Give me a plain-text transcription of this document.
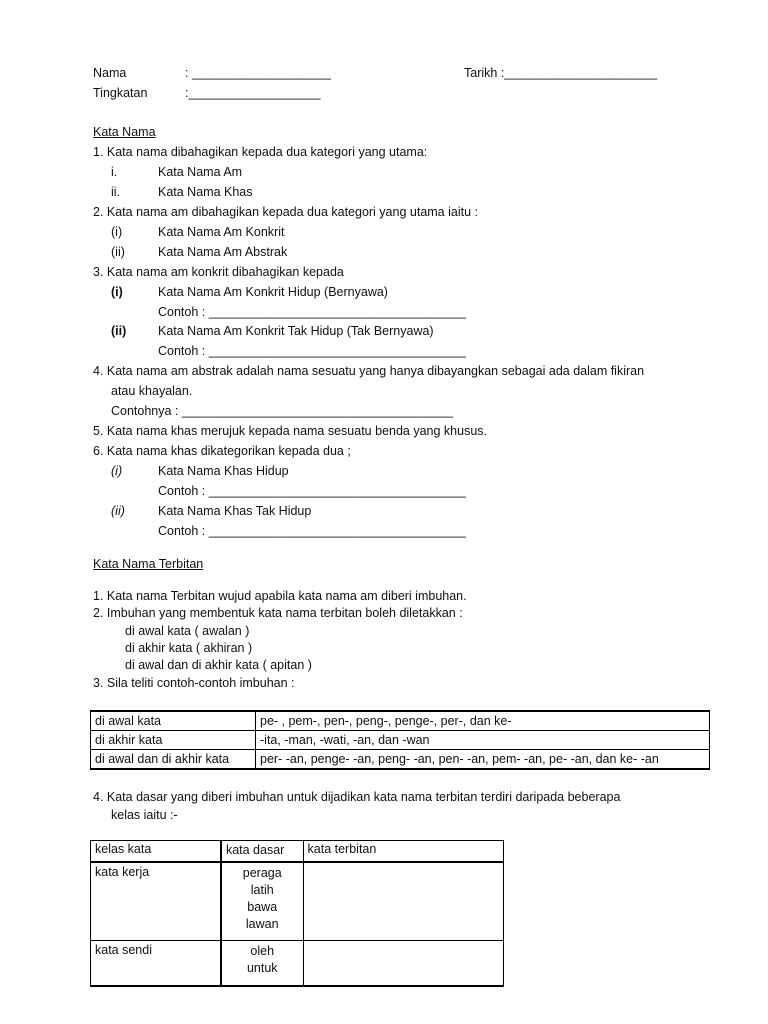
Nama	: ____________________	Tarikh :______________________
Tingkatan	:___________________
Kata Nama
1. Kata nama dibahagikan kepada dua kategori yang utama:
i.	Kata Nama Am
ii.	Kata Nama Khas
2. Kata nama am dibahagikan kepada dua kategori yang utama iaitu :
(i)	Kata Nama Am Konkrit
(ii)	Kata Nama Am Abstrak
3. Kata nama am konkrit dibahagikan kepada
(i)	Kata Nama Am Konkrit Hidup (Bernyawa)
Contoh : _____________________________________
(ii)	Kata Nama Am Konkrit Tak Hidup (Tak Bernyawa)
Contoh : _____________________________________
4. Kata nama am abstrak adalah nama sesuatu yang hanya dibayangkan sebagai ada dalam fikiran
atau khayalan.
Contohnya : _______________________________________
5. Kata nama khas merujuk kepada nama sesuatu benda yang khusus.
6. Kata nama khas dikategorikan kepada dua ;
(i)	Kata Nama Khas Hidup
Contoh : _____________________________________
(ii)	Kata Nama Khas Tak Hidup
Contoh : _____________________________________
Kata Nama Terbitan
1. Kata nama Terbitan wujud apabila kata nama am diberi imbuhan.
2. Imbuhan yang membentuk kata nama terbitan boleh diletakkan :
di awal kata ( awalan )
di akhir kata ( akhiran )
di awal dan di akhir kata ( apitan )
3. Sila teliti contoh-contoh imbuhan :
di awal kata	pe- , pem-, pen-, peng-, penge-, per-, dan ke-
di akhir kata	-ita, -man, -wati, -an, dan -wan
di awal dan di akhir kata	per- -an, penge- -an, peng- -an, pen- -an, pem- -an, pe- -an, dan ke- -an
4. Kata dasar yang diberi imbuhan untuk dijadikan kata nama terbitan terdiri daripada beberapa
kelas iaitu :-
kelas kata	kata dasar	kata terbitan
kata kerja	peraga
latih
bawa
lawan	

kata sendi	oleh
untuk	
